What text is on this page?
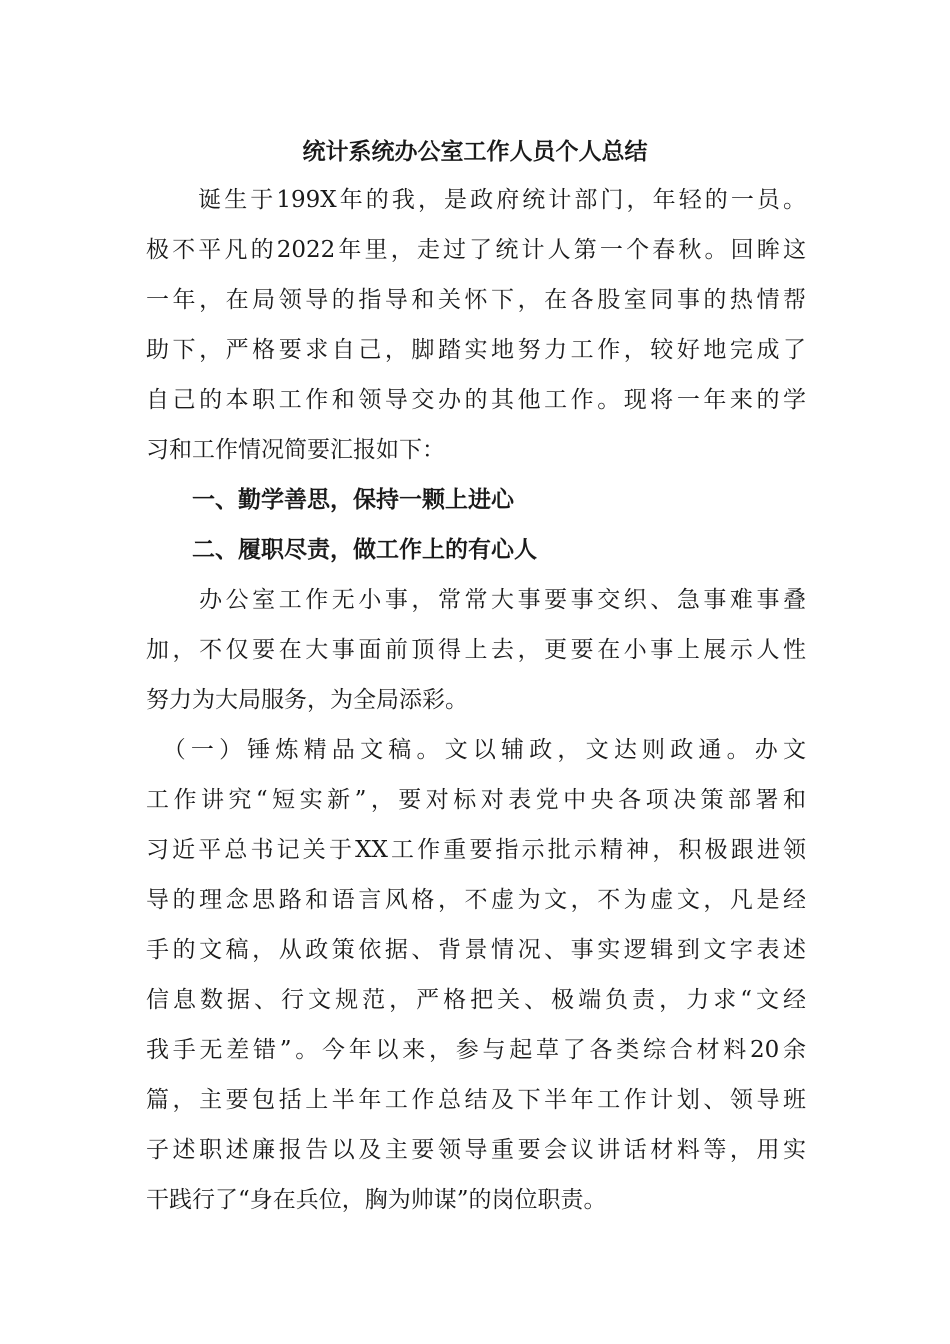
统计系统办公室工作人员个人总结
　　诞生于199X年的我，是政府统计部门，年轻的一员。
极不平凡的2022年里，走过了统计人第一个春秋。回眸这
一年，在局领导的指导和关怀下，在各股室同事的热情帮
助下，严格要求自己，脚踏实地努力工作，较好地完成了
自己的本职工作和领导交办的其他工作。现将一年来的学
习和工作情况简要汇报如下：
一、勤学善思，保持一颗上进心
二、履职尽责，做工作上的有心人
　　办公室工作无小事，常常大事要事交织、急事难事叠
加，不仅要在大事面前顶得上去，更要在小事上展示人性
努力为大局服务，为全局添彩。
　（一）锤炼精品文稿。文以辅政，文达则政通。办文
工作讲究“短实新”，要对标对表党中央各项决策部署和
习近平总书记关于XX工作重要指示批示精神，积极跟进领
导的理念思路和语言风格，不虚为文，不为虚文，凡是经
手的文稿，从政策依据、背景情况、事实逻辑到文字表述
信息数据、行文规范，严格把关、极端负责，力求“文经
我手无差错”。今年以来，参与起草了各类综合材料20余
篇，主要包括上半年工作总结及下半年工作计划、领导班
子述职述廉报告以及主要领导重要会议讲话材料等，用实
干践行了“身在兵位，胸为帅谋”的岗位职责。
